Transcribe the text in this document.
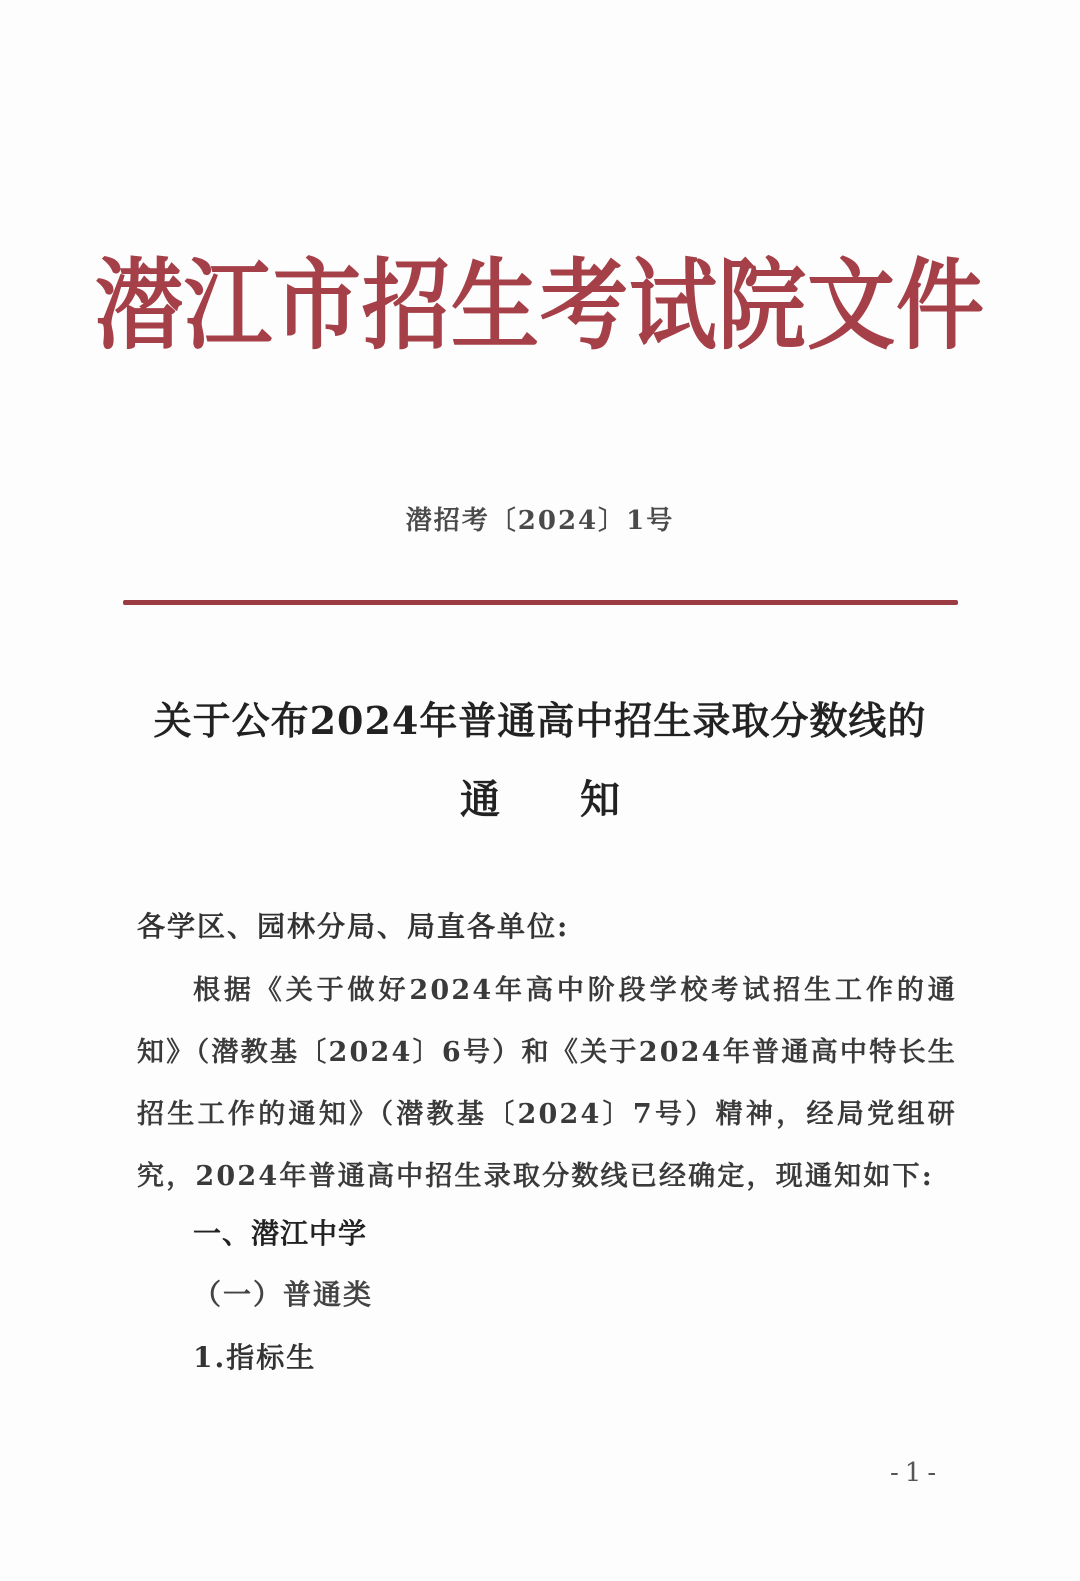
潜江市招生考试院文件
潜招考〔2024〕1号
关于公布2024年普通高中招生录取分数线的
通 知
各学区、园林分局、局直各单位:
根据《关于做好2024年高中阶段学校考试招生工作的通知》（潜教基〔2024〕6号）和《关于2024年普通高中特长生招生工作的通知》（潜教基〔2024〕7号）精神，经局党组研究，2024年普通高中招生录取分数线已经确定，现通知如下:
一、潜江中学
（一）普通类
1.指标生
-1-
